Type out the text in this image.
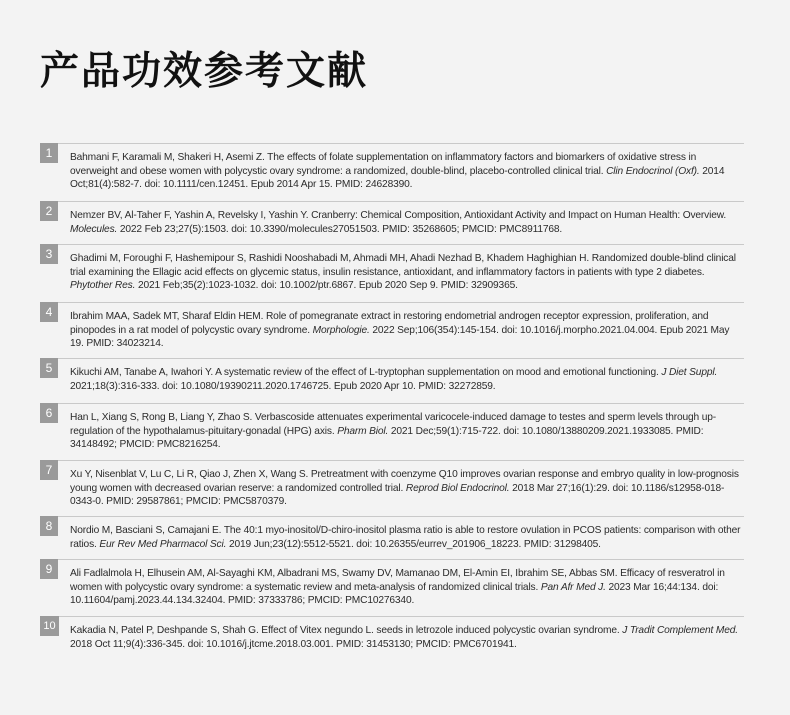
产品功效参考文献
1	Bahmani F, Karamali M, Shakeri H, Asemi Z. The effects of folate supplementation on inflammatory factors and biomarkers of oxidative stress in overweight and obese women with polycystic ovary syndrome: a randomized, double-blind, placebo-controlled clinical trial. Clin Endocrinol (Oxf). 2014 Oct;81(4):582-7. doi: 10.1111/cen.12451. Epub 2014 Apr 15. PMID: 24628390.

2	Nemzer BV, Al-Taher F, Yashin A, Revelsky I, Yashin Y. Cranberry: Chemical Composition, Antioxidant Activity and Impact on Human Health: Overview. Molecules. 2022 Feb 23;27(5):1503. doi: 10.3390/molecules27051503. PMID: 35268605; PMCID: PMC8911768.

3	Ghadimi M, Foroughi F, Hashemipour S, Rashidi Nooshabadi M, Ahmadi MH, Ahadi Nezhad B, Khadem Haghighian H. Randomized double-blind clinical trial examining the Ellagic acid effects on glycemic status, insulin resistance, antioxidant, and inflammatory factors in patients with type 2 diabetes. Phytother Res. 2021 Feb;35(2):1023-1032. doi: 10.1002/ptr.6867. Epub 2020 Sep 9. PMID: 32909365.

4	Ibrahim MAA, Sadek MT, Sharaf Eldin HEM. Role of pomegranate extract in restoring endometrial androgen receptor expression, proliferation, and pinopodes in a rat model of polycystic ovary syndrome. Morphologie. 2022 Sep;106(354):145-154. doi: 10.1016/j.morpho.2021.04.004. Epub 2021 May 19. PMID: 34023214.

5	Kikuchi AM, Tanabe A, Iwahori Y. A systematic review of the effect of L-tryptophan supplementation on mood and emotional functioning. J Diet Suppl. 2021;18(3):316-333. doi: 10.1080/19390211.2020.1746725. Epub 2020 Apr 10. PMID: 32272859.

6	Han L, Xiang S, Rong B, Liang Y, Zhao S. Verbascoside attenuates experimental varicocele-induced damage to testes and sperm levels through up-regulation of the hypothalamus-pituitary-gonadal (HPG) axis. Pharm Biol. 2021 Dec;59(1):715-722. doi: 10.1080/13880209.2021.1933085. PMID: 34148492; PMCID: PMC8216254.

7	Xu Y, Nisenblat V, Lu C, Li R, Qiao J, Zhen X, Wang S. Pretreatment with coenzyme Q10 improves ovarian response and embryo quality in low-prognosis young women with decreased ovarian reserve: a randomized controlled trial. Reprod Biol Endocrinol. 2018 Mar 27;16(1):29. doi: 10.1186/s12958-018-0343-0. PMID: 29587861; PMCID: PMC5870379.

8	Nordio M, Basciani S, Camajani E. The 40:1 myo-inositol/D-chiro-inositol plasma ratio is able to restore ovulation in PCOS patients: comparison with other ratios. Eur Rev Med Pharmacol Sci. 2019 Jun;23(12):5512-5521. doi: 10.26355/eurrev_201906_18223. PMID: 31298405.

9	Ali Fadlalmola H, Elhusein AM, Al-Sayaghi KM, Albadrani MS, Swamy DV, Mamanao DM, El-Amin EI, Ibrahim SE, Abbas SM. Efficacy of resveratrol in women with polycystic ovary syndrome: a systematic review and meta-analysis of randomized clinical trials. Pan Afr Med J. 2023 Mar 16;44:134. doi: 10.11604/pamj.2023.44.134.32404. PMID: 37333786; PMCID: PMC10276340.

10	Kakadia N, Patel P, Deshpande S, Shah G. Effect of Vitex negundo L. seeds in letrozole induced polycystic ovarian syndrome. J Tradit Complement Med. 2018 Oct 11;9(4):336-345. doi: 10.1016/j.jtcme.2018.03.001. PMID: 31453130; PMCID: PMC6701941.
